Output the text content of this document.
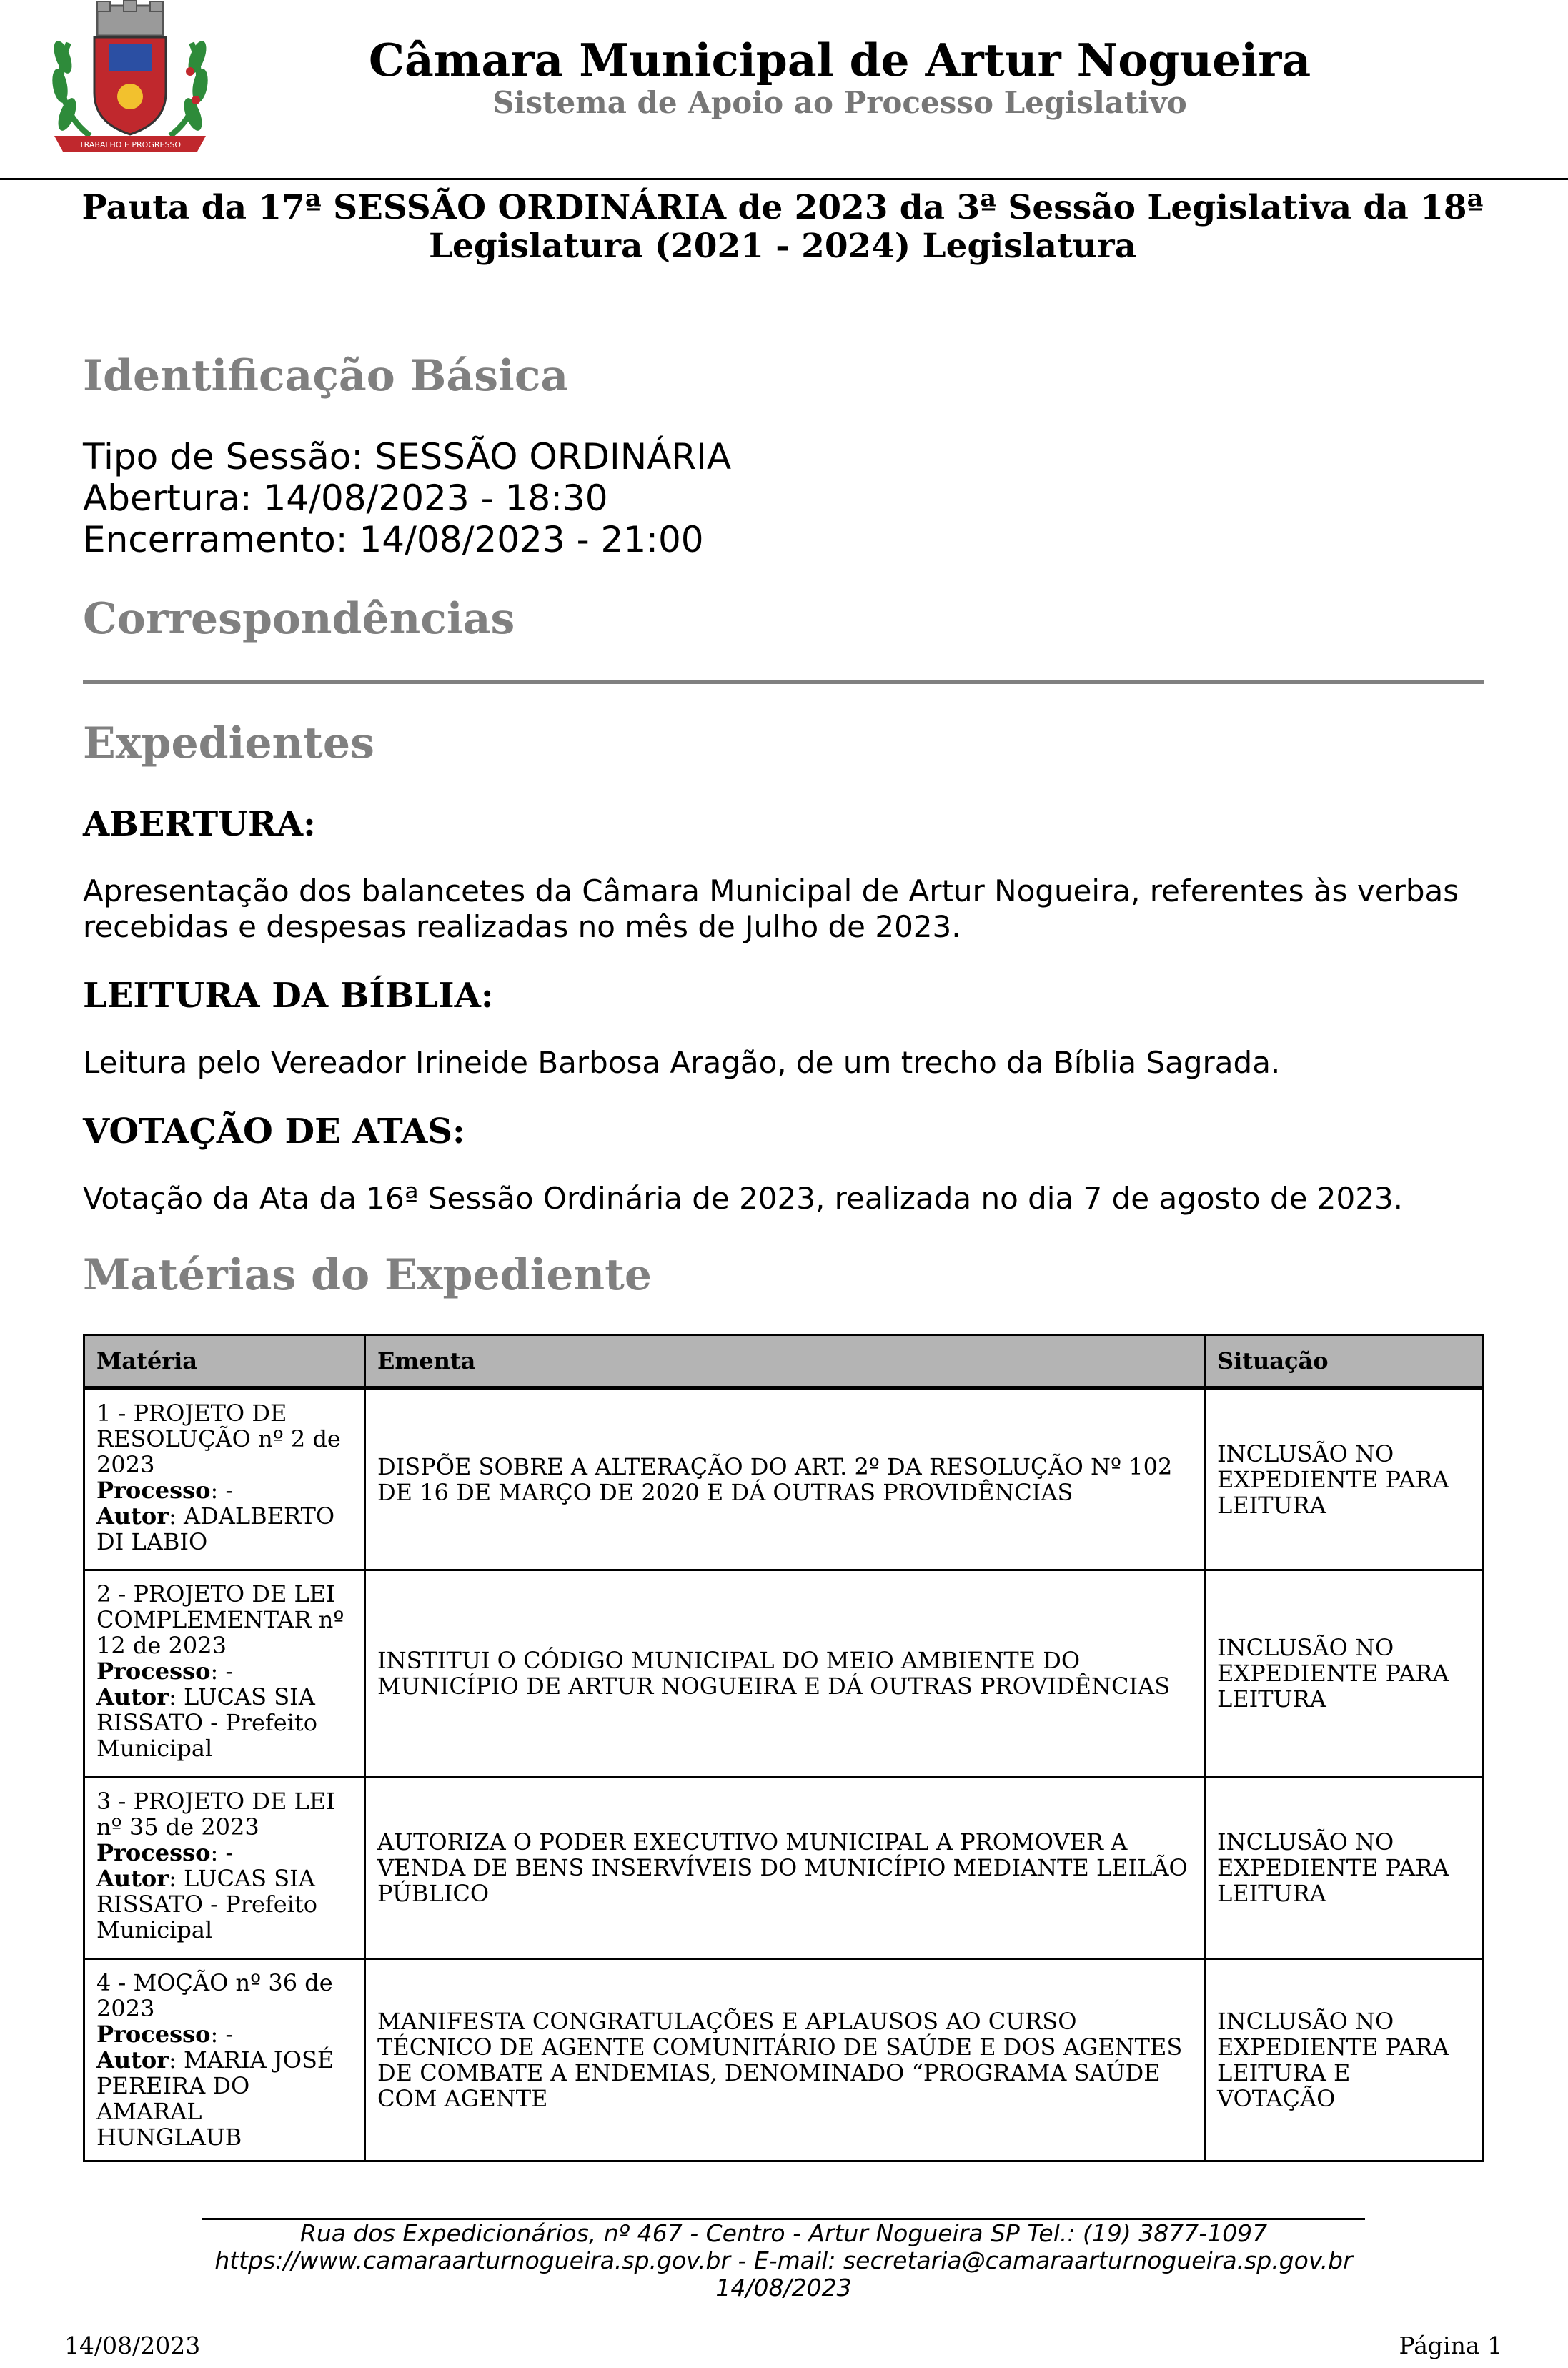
TRABALHO E PROGRESSO
Câmara Municipal de Artur Nogueira
Sistema de Apoio ao Processo Legislativo
Pauta da 17ª SESSÃO ORDINÁRIA de 2023 da 3ª Sessão Legislativa da 18ª Legislatura (2021 - 2024) Legislatura
Identificação Básica
Tipo de Sessão: SESSÃO ORDINÁRIA
Abertura: 14/08/2023 - 18:30
Encerramento: 14/08/2023 - 21:00
Correspondências
Expedientes
ABERTURA:
Apresentação dos balancetes da Câmara Municipal de Artur Nogueira, referentes às verbas recebidas e despesas realizadas no mês de Julho de 2023.
LEITURA DA BÍBLIA:
Leitura pelo Vereador Irineide Barbosa Aragão, de um trecho da Bíblia Sagrada.
VOTAÇÃO DE ATAS:
Votação da Ata da 16ª Sessão Ordinária de 2023, realizada no dia 7 de agosto de 2023.
Matérias do Expediente
Matéria	Ementa	Situação

1 - PROJETO DE RESOLUÇÃO nº 2 de 2023
Processo: -
Autor: ADALBERTO DI LABIO	DISPÕE SOBRE A ALTERAÇÃO DO ART. 2º DA RESOLUÇÃO Nº 102 DE 16 DE MARÇO DE 2020 E DÁ OUTRAS PROVIDÊNCIAS	INCLUSÃO NO EXPEDIENTE PARA LEITURA

2 - PROJETO DE LEI COMPLEMENTAR nº 12 de 2023
Processo: -
Autor: LUCAS SIA RISSATO - Prefeito Municipal	INSTITUI O CÓDIGO MUNICIPAL DO MEIO AMBIENTE DO MUNICÍPIO DE ARTUR NOGUEIRA E DÁ OUTRAS PROVIDÊNCIAS	INCLUSÃO NO EXPEDIENTE PARA LEITURA

3 - PROJETO DE LEI nº 35 de 2023
Processo: -
Autor: LUCAS SIA RISSATO - Prefeito Municipal	AUTORIZA O PODER EXECUTIVO MUNICIPAL A PROMOVER A VENDA DE BENS INSERVÍVEIS DO MUNICÍPIO MEDIANTE LEILÃO PÚBLICO	INCLUSÃO NO EXPEDIENTE PARA LEITURA

4 - MOÇÃO nº 36 de 2023
Processo: -
Autor: MARIA JOSÉ PEREIRA DO AMARAL HUNGLAUB	MANIFESTA CONGRATULAÇÕES E APLAUSOS AO CURSO TÉCNICO DE AGENTE COMUNITÁRIO DE SAÚDE E DOS AGENTES DE COMBATE A ENDEMIAS, DENOMINADO “PROGRAMA SAÚDE COM AGENTE	INCLUSÃO NO EXPEDIENTE PARA LEITURA E VOTAÇÃO
Rua dos Expedicionários, nº 467 - Centro - Artur Nogueira SP Tel.: (19) 3877-1097 https://www.camaraarturnogueira.sp.gov.br - E-mail: secretaria@camaraarturnogueira.sp.gov.br
14/08/2023
14/08/2023	Página 1
